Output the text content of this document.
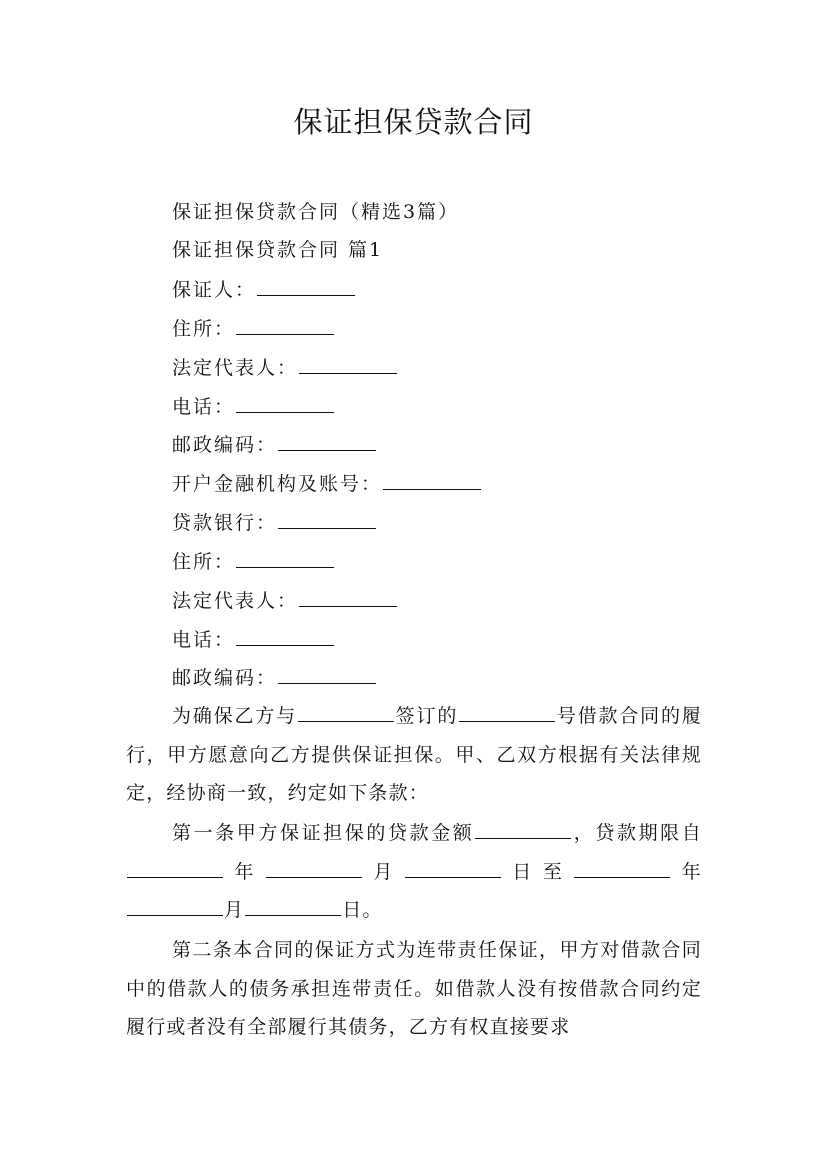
保证担保贷款合同
保证担保贷款合同（精选3篇）
保证担保贷款合同 篇1
保证人：
住所：
法定代表人：
电话：
邮政编码：
开户金融机构及账号：
贷款银行：
住所：
法定代表人：
电话：
邮政编码：

为确保乙方与	签订的	号借款合同的履行，甲方愿意向乙方提供保证担保。甲、乙双方根据有关法律规定，经协商一致，约定如下条款：

第一条甲方保证担保的贷款金额	，贷款期限自年	月	日至	年月	日。

第二条本合同的保证方式为连带责任保证，甲方对借款合同中的借款人的债务承担连带责任。如借款人没有按借款合同约定履行或者没有全部履行其债务，乙方有权直接要求
